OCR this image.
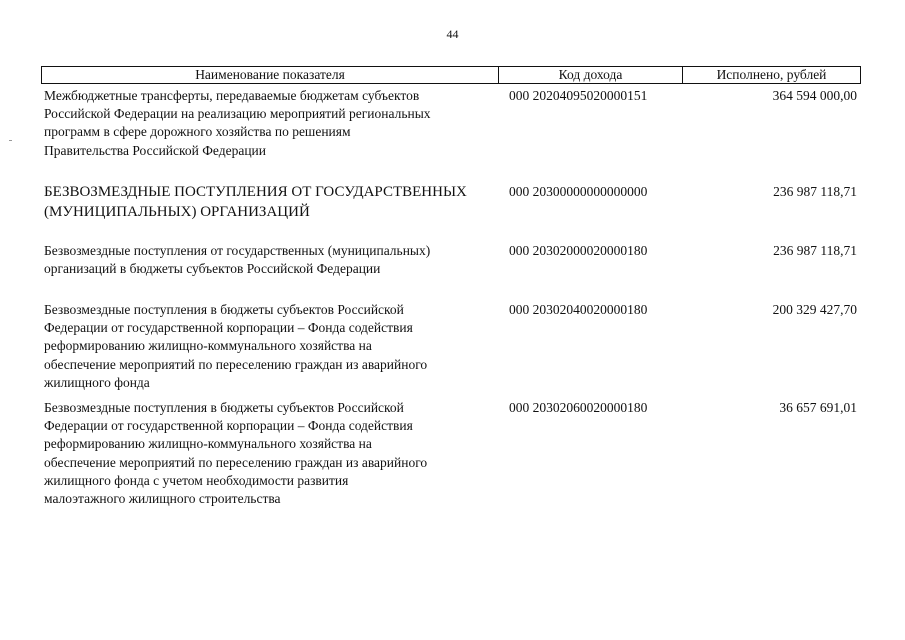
44
Наименование показателя	Код дохода	Исполнено, рублей
Межбюджетные трансферты, передаваемые бюджетам субъектов
Российской Федерации на реализацию мероприятий региональных
программ в сфере дорожного хозяйства по решениям
Правительства Российской Федерации
000 20204095020000151	364 594 000,00
БЕЗВОЗМЕЗДНЫЕ ПОСТУПЛЕНИЯ ОТ ГОСУДАРСТВЕННЫХ
(МУНИЦИПАЛЬНЫХ) ОРГАНИЗАЦИЙ
000 20300000000000000	236 987 118,71
Безвозмездные поступления от государственных (муниципальных)
организаций в бюджеты субъектов Российской Федерации
000 20302000020000180	236 987 118,71
Безвозмездные поступления в бюджеты субъектов Российской
Федерации от государственной корпорации – Фонда содействия
реформированию жилищно-коммунального хозяйства на
обеспечение мероприятий по переселению граждан из аварийного
жилищного фонда
000 20302040020000180	200 329 427,70
Безвозмездные поступления в бюджеты субъектов Российской
Федерации от государственной корпорации – Фонда содействия
реформированию жилищно-коммунального хозяйства на
обеспечение мероприятий по переселению граждан из аварийного
жилищного фонда с учетом необходимости развития
малоэтажного жилищного строительства
000 20302060020000180	36 657 691,01
